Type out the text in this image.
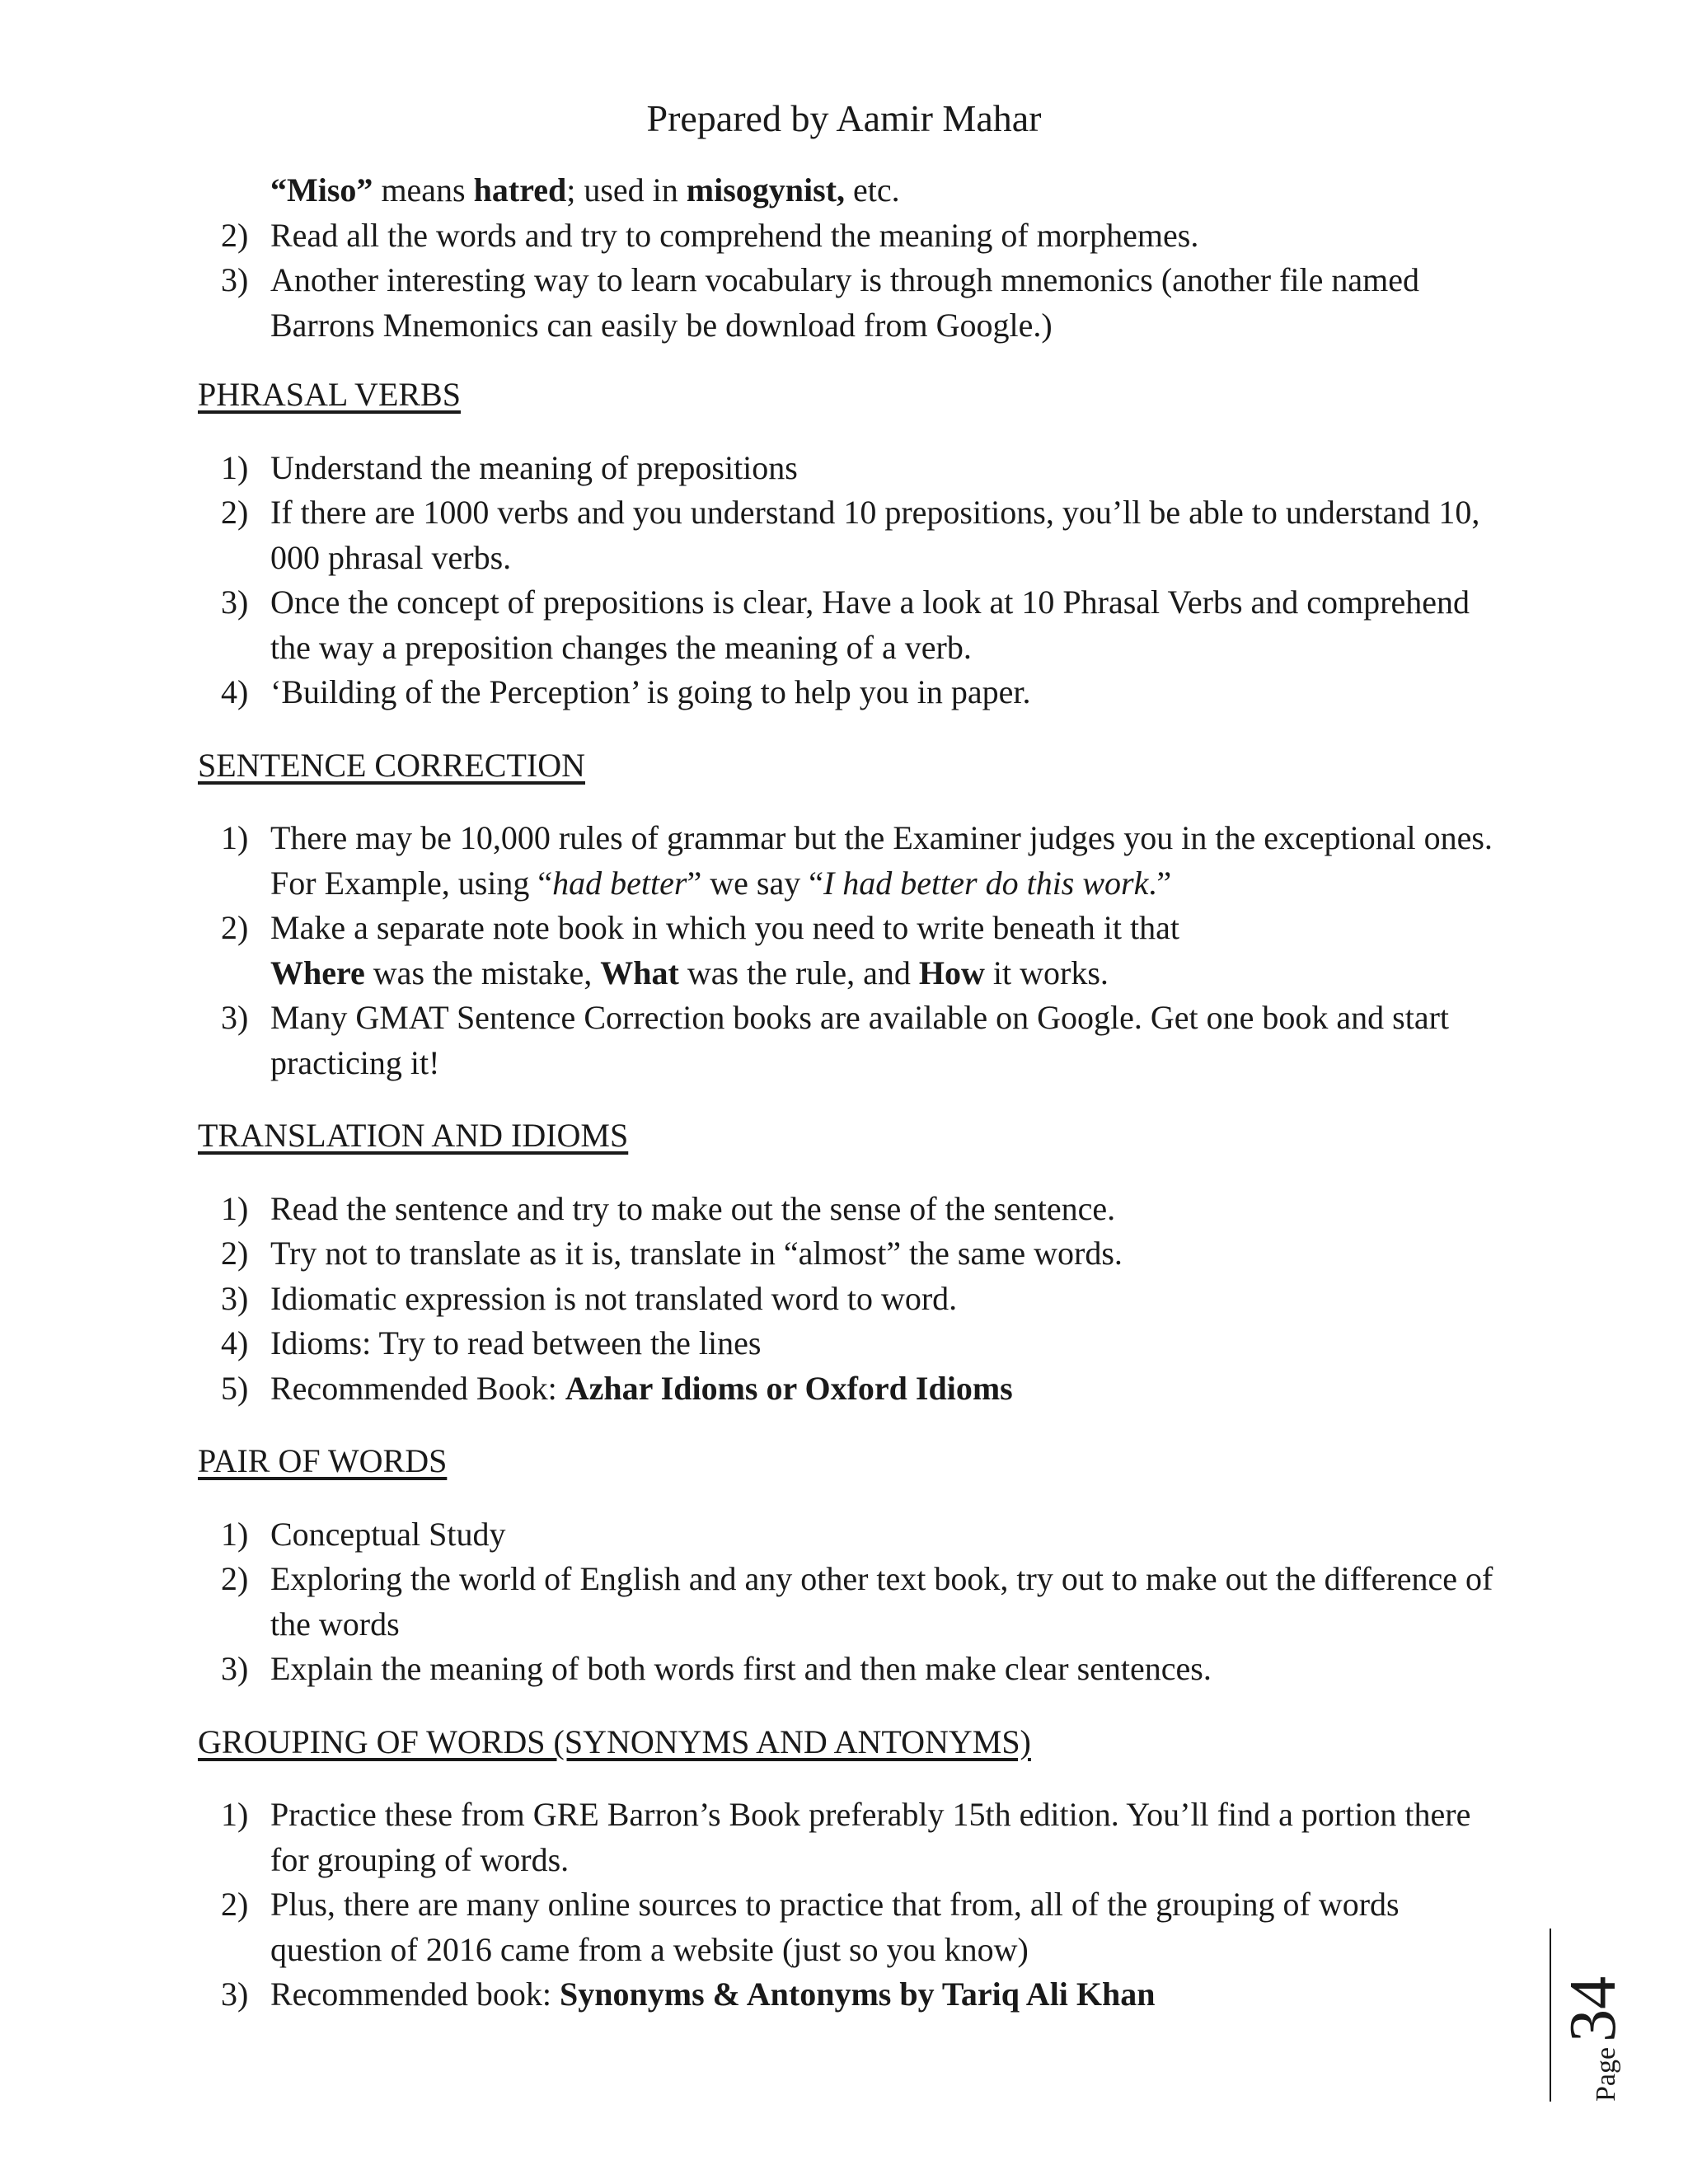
Prepared by Aamir Mahar
“Miso” means hatred; used in misogynist, etc.
2) Read all the words and try to comprehend the meaning of morphemes.
3) Another interesting way to learn vocabulary is through mnemonics (another file named Barrons Mnemonics can easily be download from Google.)
PHRASAL VERBS
1) Understand the meaning of prepositions
2) If there are 1000 verbs and you understand 10 prepositions, you’ll be able to understand 10, 000 phrasal verbs.
3) Once the concept of prepositions is clear, Have a look at 10 Phrasal Verbs and comprehend the way a preposition changes the meaning of a verb.
4) ‘Building of the Perception’ is going to help you in paper.
SENTENCE CORRECTION
1) There may be 10,000 rules of grammar but the Examiner judges you in the exceptional ones. For Example, using “had better” we say “I had better do this work.”
2) Make a separate note book in which you need to write beneath it that
Where was the mistake, What was the rule, and How it works.
3) Many GMAT Sentence Correction books are available on Google. Get one book and start practicing it!
TRANSLATION AND IDIOMS
1) Read the sentence and try to make out the sense of the sentence.
2) Try not to translate as it is, translate in “almost” the same words.
3) Idiomatic expression is not translated word to word.
4) Idioms: Try to read between the lines
5) Recommended Book: Azhar Idioms or Oxford Idioms
PAIR OF WORDS
1) Conceptual Study
2) Exploring the world of English and any other text book, try out to make out the difference of the words
3) Explain the meaning of both words first and then make clear sentences.
GROUPING OF WORDS (SYNONYMS AND ANTONYMS)
1) Practice these from GRE Barron’s Book preferably 15th edition. You’ll find a portion there for grouping of words.
2) Plus, there are many online sources to practice that from, all of the grouping of words question of 2016 came from a website (just so you know)
3) Recommended book: Synonyms & Antonyms by Tariq Ali Khan
Page
34
